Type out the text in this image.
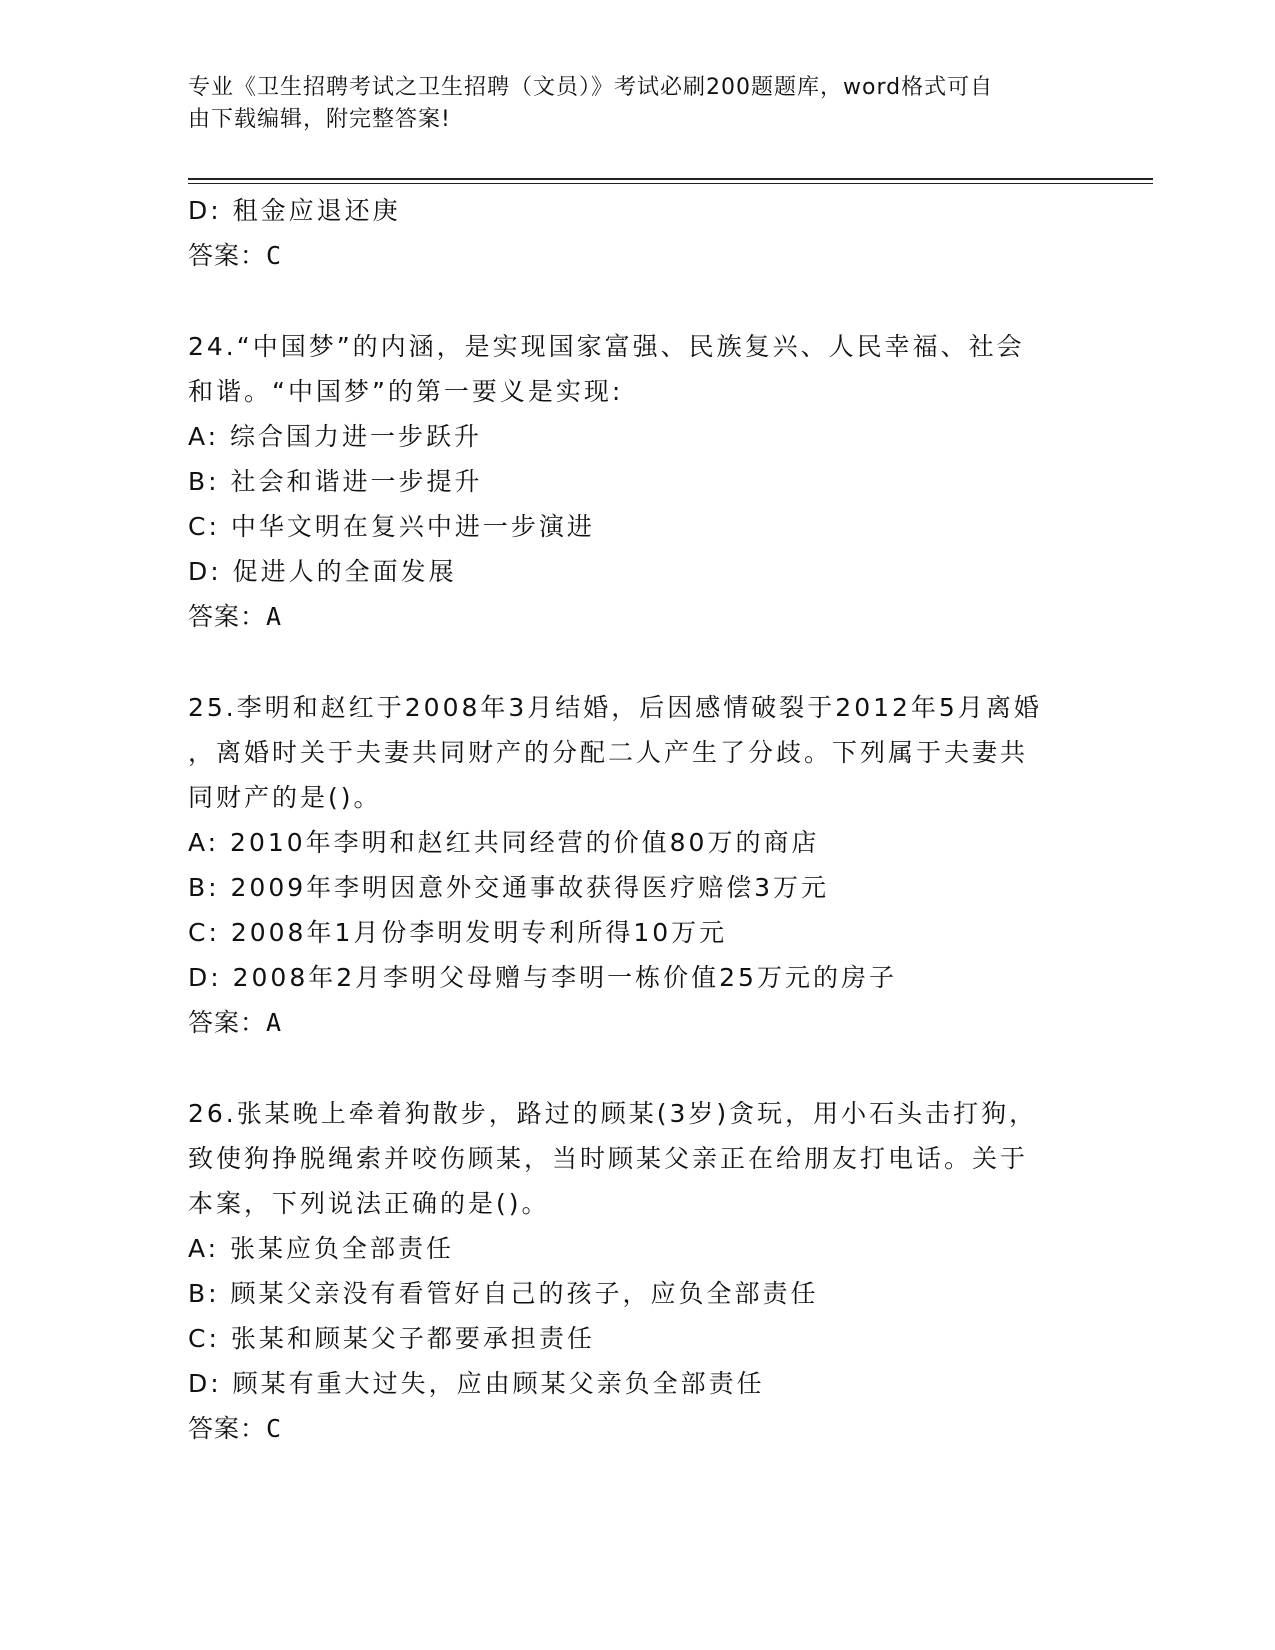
专业《卫生招聘考试之卫生招聘（文员）》考试必刷200题题库，word格式可自
由下载编辑，附完整答案!
D: 租金应退还庚
答案：C
24.“中国梦”的内涵，是实现国家富强、民族复兴、人民幸福、社会
和谐。“中国梦”的第一要义是实现:
A: 综合国力进一步跃升
B: 社会和谐进一步提升
C: 中华文明在复兴中进一步演进
D: 促进人的全面发展
答案：A
25.李明和赵红于2008年3月结婚，后因感情破裂于2012年5月离婚
，离婚时关于夫妻共同财产的分配二人产生了分歧。下列属于夫妻共
同财产的是()。
A: 2010年李明和赵红共同经营的价值80万的商店
B: 2009年李明因意外交通事故获得医疗赔偿3万元
C: 2008年1月份李明发明专利所得10万元
D: 2008年2月李明父母赠与李明一栋价值25万元的房子
答案：A
26.张某晚上牵着狗散步，路过的顾某(3岁)贪玩，用小石头击打狗，
致使狗挣脱绳索并咬伤顾某，当时顾某父亲正在给朋友打电话。关于
本案，下列说法正确的是()。
A: 张某应负全部责任
B: 顾某父亲没有看管好自己的孩子，应负全部责任
C: 张某和顾某父子都要承担责任
D: 顾某有重大过失，应由顾某父亲负全部责任
答案：C
